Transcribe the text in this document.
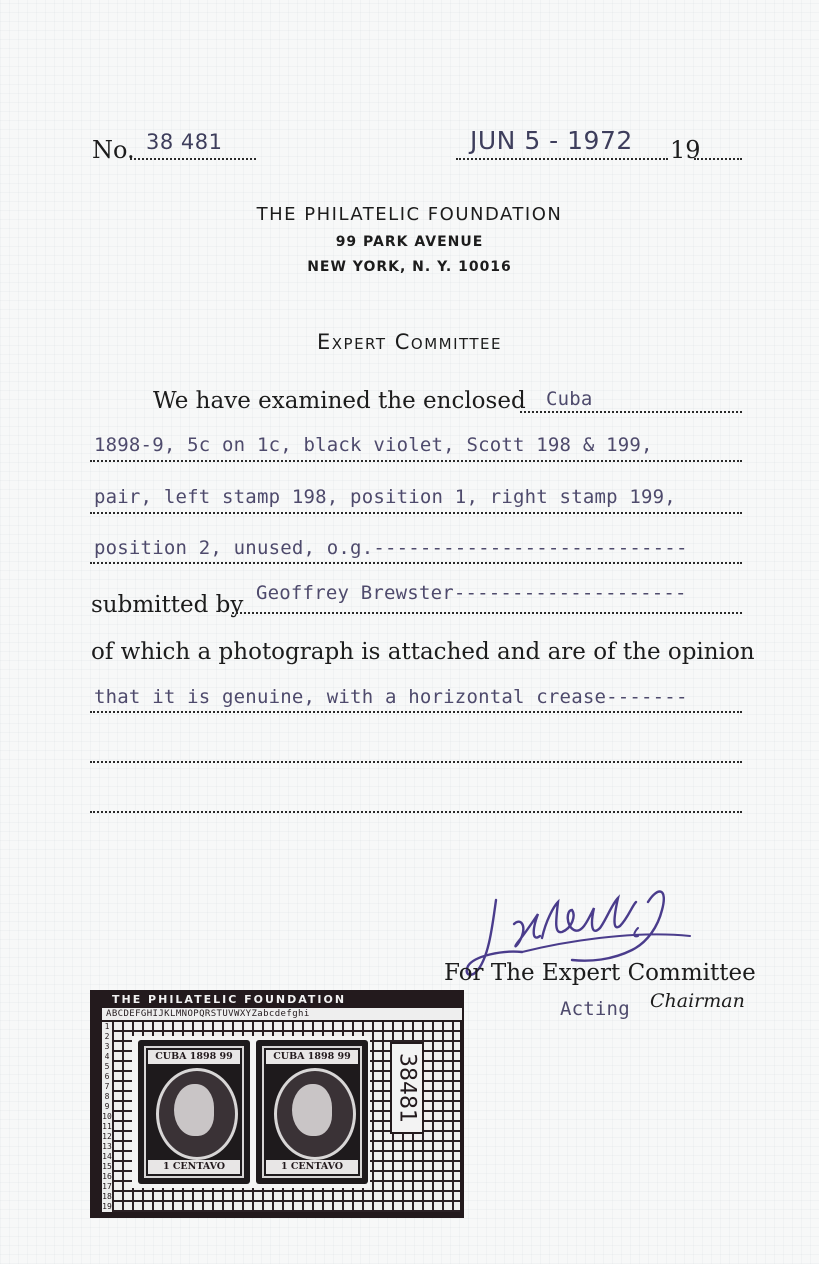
No. 38 481	JUN 5 - 1972 19
THE PHILATELIC FOUNDATION
99 PARK AVENUE
NEW YORK, N. Y. 10016
Expert Committee
We have examined the enclosed Cuba
1898-9, 5c on 1c, black violet, Scott 198 & 199,
pair, left stamp 198, position 1, right stamp 199,
position 2, unused, o.g.---------------------------
submitted by Geoffrey Brewster--------------------
of which a photograph is attached and are of the opinion
that it is genuine, with a horizontal crease-------
For The Expert Committee
Acting Chairman
THE PHILATELIC FOUNDATION
ABCDEFGHIJKLMNOPQRSTUVWXYZabcdefghi
1
2
3
4
5
6
7
8
9
10
11
12
13
14
15
16
17
18
19
CUBA 1898 99
1 CENTAVO
CUBA 1898 99
1 CENTAVO
38481
